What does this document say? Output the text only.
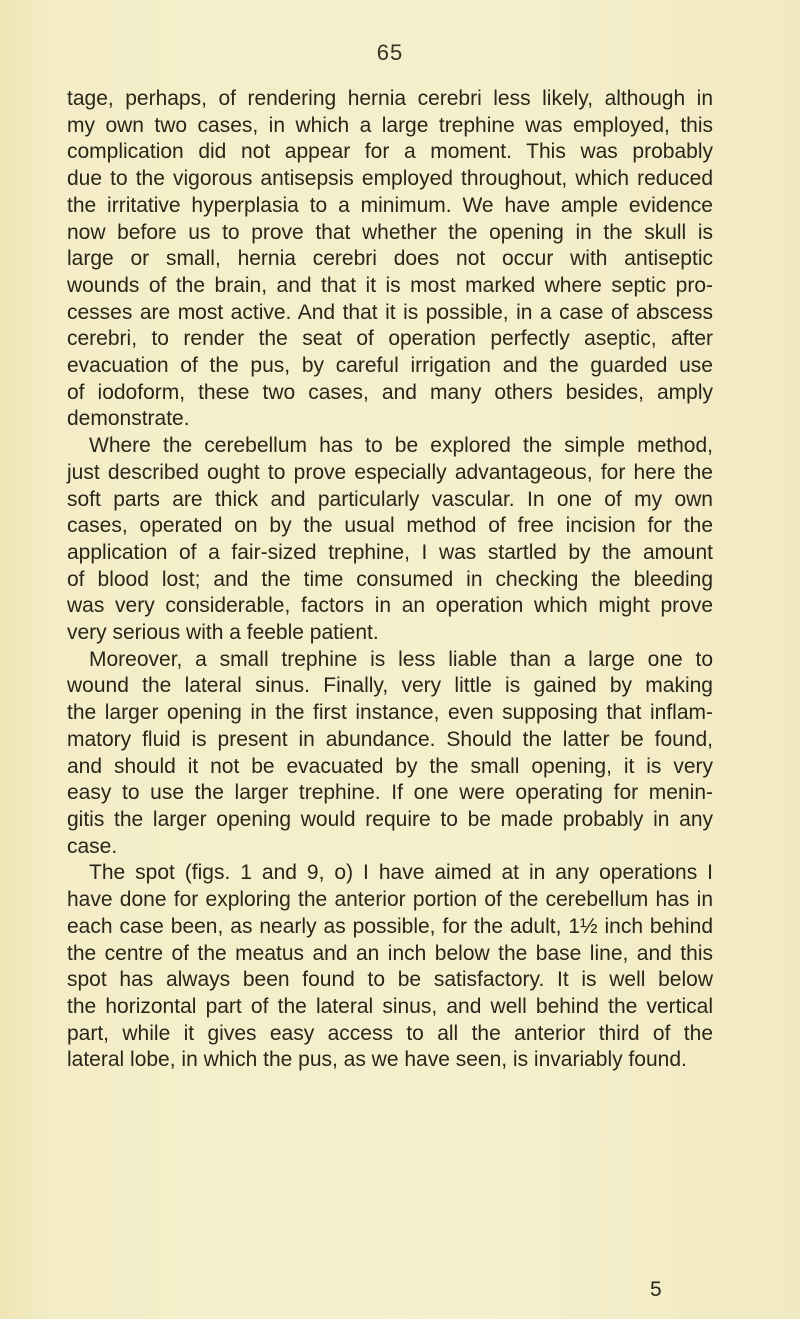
65
tage, perhaps, of rendering hernia cerebri less likely, although in
my own two cases, in which a large trephine was employed, this
complication did not appear for a moment. This was probably
due to the vigorous antisepsis employed throughout, which reduced
the irritative hyperplasia to a minimum. We have ample evidence
now before us to prove that whether the opening in the skull is
large or small, hernia cerebri does not occur with antiseptic
wounds of the brain, and that it is most marked where septic pro-
cesses are most active. And that it is possible, in a case of abscess
cerebri, to render the seat of operation perfectly aseptic, after
evacuation of the pus, by careful irrigation and the guarded use
of iodoform, these two cases, and many others besides, amply
demonstrate.
Where the cerebellum has to be explored the simple method,
just described ought to prove especially advantageous, for here the
soft parts are thick and particularly vascular. In one of my own
cases, operated on by the usual method of free incision for the
application of a fair-sized trephine, I was startled by the amount
of blood lost; and the time consumed in checking the bleeding
was very considerable, factors in an operation which might prove
very serious with a feeble patient.
Moreover, a small trephine is less liable than a large one to
wound the lateral sinus. Finally, very little is gained by making
the larger opening in the first instance, even supposing that inflam-
matory fluid is present in abundance. Should the latter be found,
and should it not be evacuated by the small opening, it is very
easy to use the larger trephine. If one were operating for menin-
gitis the larger opening would require to be made probably in any
case.
The spot (figs. 1 and 9, o) I have aimed at in any operations I
have done for exploring the anterior portion of the cerebellum has in
each case been, as nearly as possible, for the adult, 1½ inch behind
the centre of the meatus and an inch below the base line, and this
spot has always been found to be satisfactory. It is well below
the horizontal part of the lateral sinus, and well behind the vertical
part, while it gives easy access to all the anterior third of the
lateral lobe, in which the pus, as we have seen, is invariably found.
5
